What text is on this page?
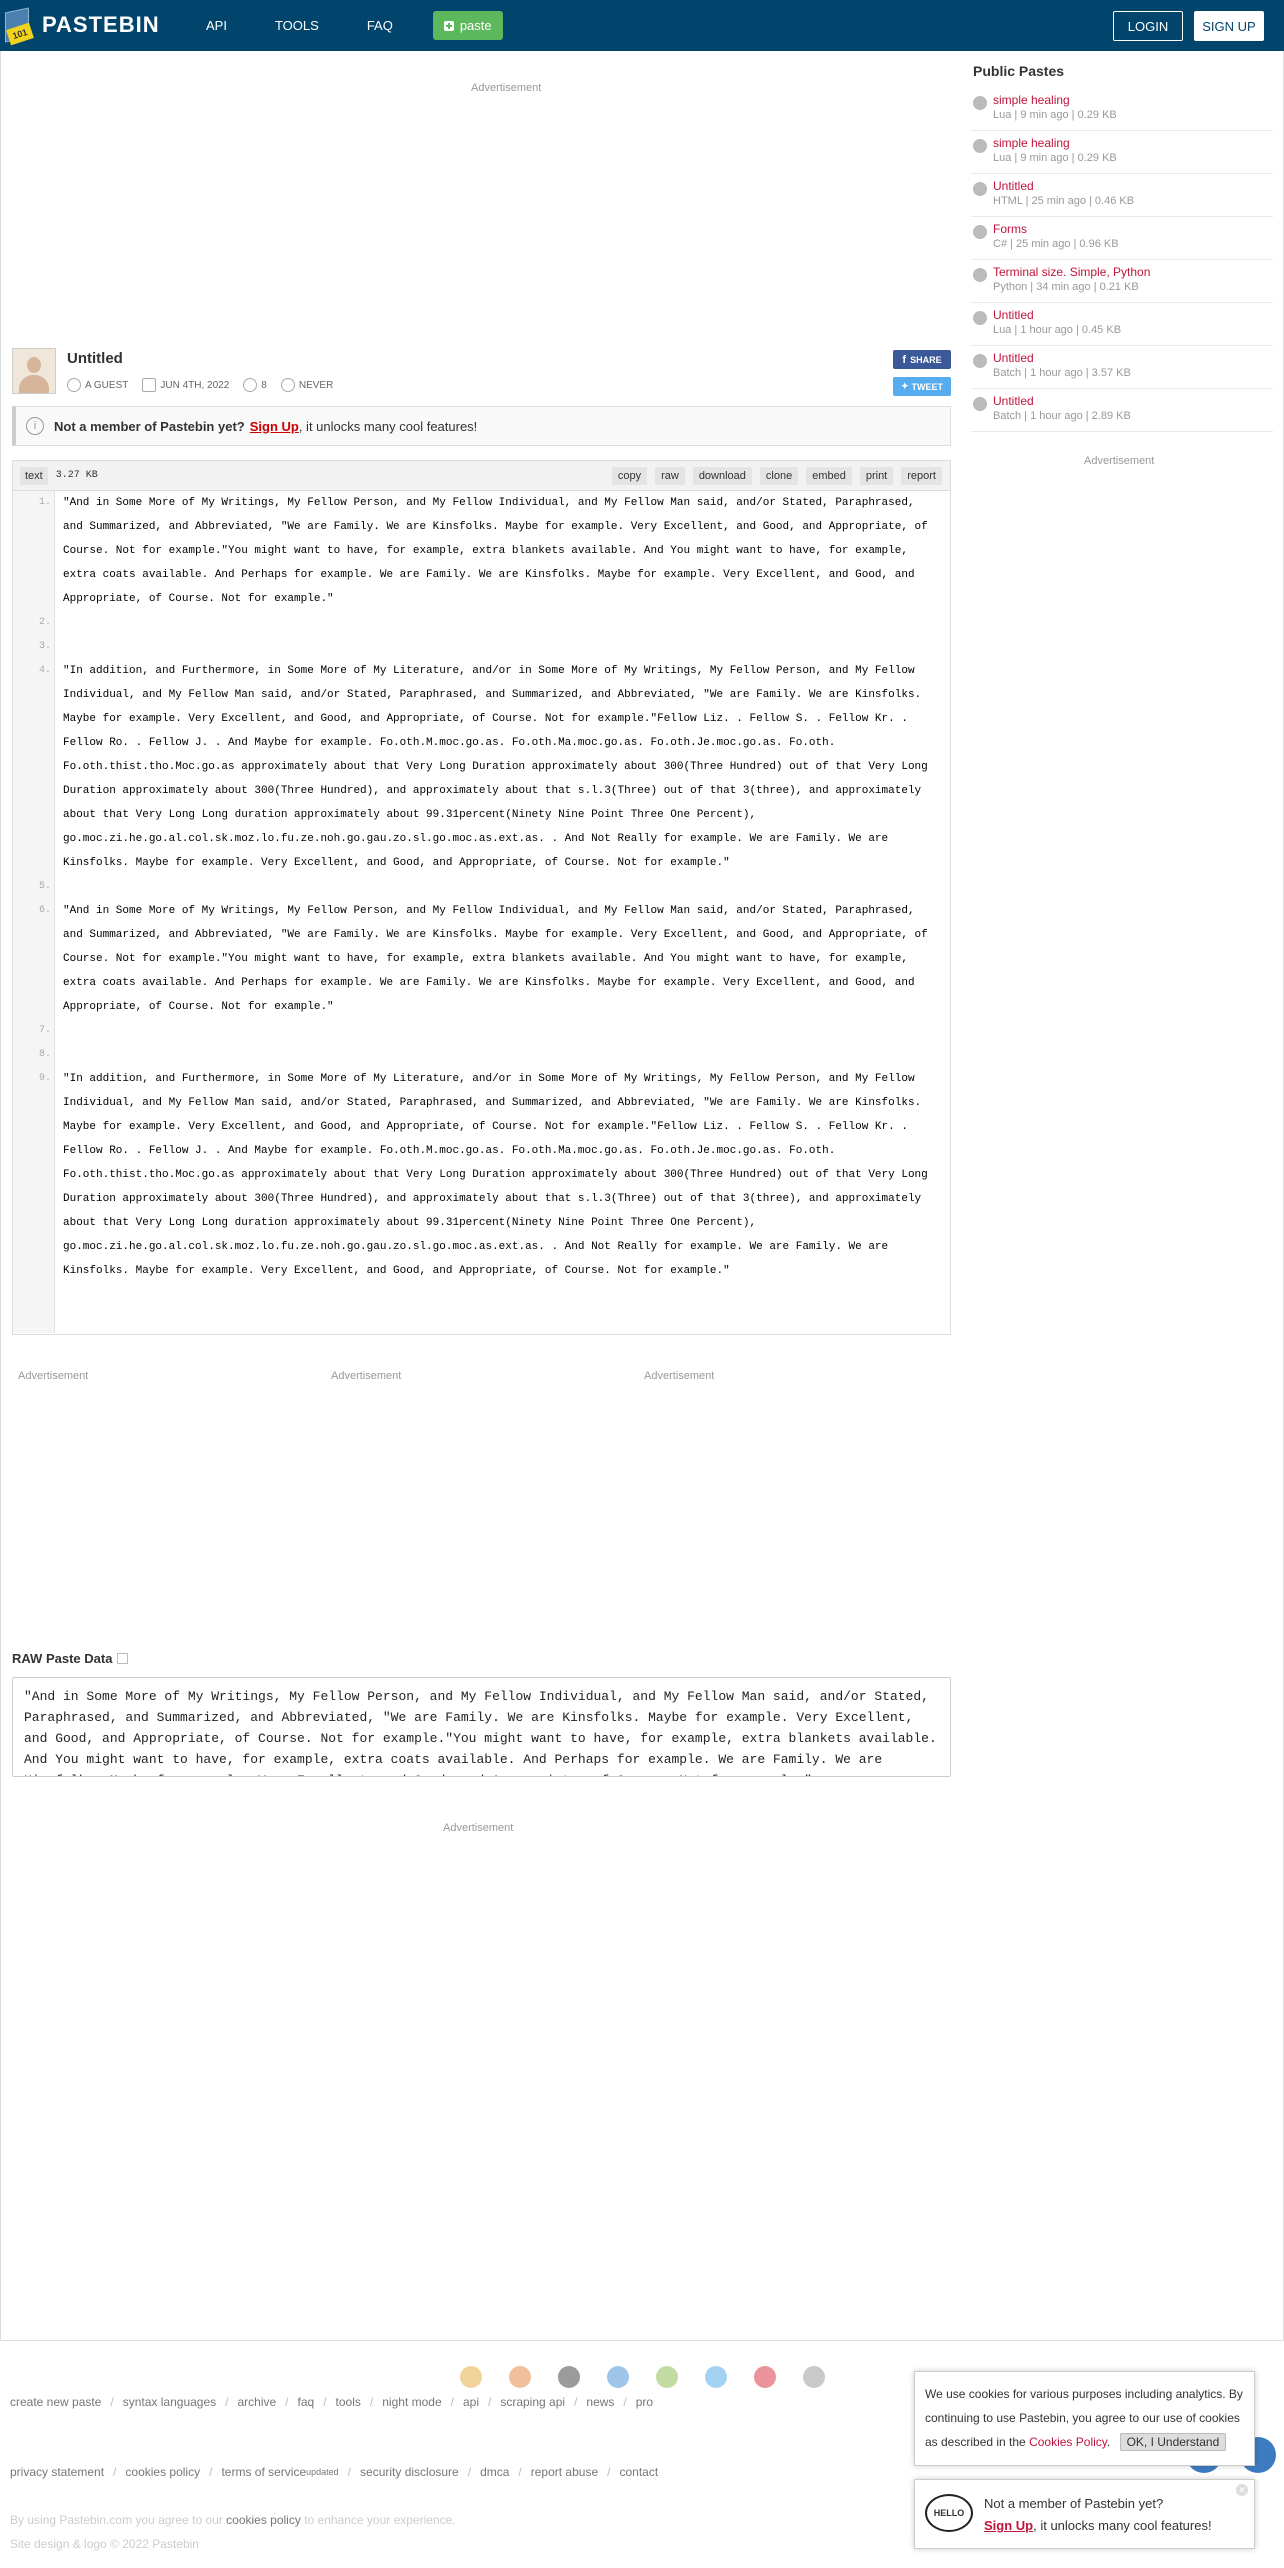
101 PASTEBIN	API	TOOLS	FAQ	paste	LOGIN	SIGN UP
Advertisement
Untitled
A GUEST	JUN 4TH, 2022	8	NEVER
f SHARE
✦ TWEET
i	Not a member of Pastebin yet? Sign Up , it unlocks many cool features!
text	3.27 KB	copy	raw	download	clone	embed	print	report
1.	"And in Some More of My Writings, My Fellow Person, and My Fellow Individual, and My Fellow Man said, and/or Stated, Paraphrased, and Summarized, and Abbreviated, "We are Family. We are Kinsfolks. Maybe for example. Very Excellent, and Good, and Appropriate, of Course. Not for example."You might want to have, for example, extra blankets available. And You might want to have, for example, extra coats available. And Perhaps for example. We are Family. We are Kinsfolks. Maybe for example. Very Excellent, and Good, and Appropriate, of Course. Not for example."
2.
3.
4.	"In addition, and Furthermore, in Some More of My Literature, and/or in Some More of My Writings, My Fellow Person, and My Fellow Individual, and My Fellow Man said, and/or Stated, Paraphrased, and Summarized, and Abbreviated, "We are Family. We are Kinsfolks. Maybe for example. Very Excellent, and Good, and Appropriate, of Course. Not for example."Fellow Liz. . Fellow S. . Fellow Kr. . Fellow Ro. . Fellow J. . And Maybe for example. Fo.oth.M.moc.go.as. Fo.oth.Ma.moc.go.as. Fo.oth.Je.moc.go.as. Fo.oth. Fo.oth.thist.tho.Moc.go.as approximately about that Very Long Duration approximately about 300(Three Hundred) out of that Very Long Duration approximately about 300(Three Hundred), and approximately about that s.l.3(Three) out of that 3(three), and approximately about that Very Long Long duration approximately about 99.31percent(Ninety Nine Point Three One Percent), go.moc.zi.he.go.al.col.sk.moz.lo.fu.ze.noh.go.gau.zo.sl.go.moc.as.ext.as. . And Not Really for example. We are Family. We are Kinsfolks. Maybe for example. Very Excellent, and Good, and Appropriate, of Course. Not for example."
5.
6.	"And in Some More of My Writings, My Fellow Person, and My Fellow Individual, and My Fellow Man said, and/or Stated, Paraphrased, and Summarized, and Abbreviated, "We are Family. We are Kinsfolks. Maybe for example. Very Excellent, and Good, and Appropriate, of Course. Not for example."You might want to have, for example, extra blankets available. And You might want to have, for example, extra coats available. And Perhaps for example. We are Family. We are Kinsfolks. Maybe for example. Very Excellent, and Good, and Appropriate, of Course. Not for example."
7.
8.
9.	"In addition, and Furthermore, in Some More of My Literature, and/or in Some More of My Writings, My Fellow Person, and My Fellow Individual, and My Fellow Man said, and/or Stated, Paraphrased, and Summarized, and Abbreviated, "We are Family. We are Kinsfolks. Maybe for example. Very Excellent, and Good, and Appropriate, of Course. Not for example."Fellow Liz. . Fellow S. . Fellow Kr. . Fellow Ro. . Fellow J. . And Maybe for example. Fo.oth.M.moc.go.as. Fo.oth.Ma.moc.go.as. Fo.oth.Je.moc.go.as. Fo.oth. Fo.oth.thist.tho.Moc.go.as approximately about that Very Long Duration approximately about 300(Three Hundred) out of that Very Long Duration approximately about 300(Three Hundred), and approximately about that s.l.3(Three) out of that 3(three), and approximately about that Very Long Long duration approximately about 99.31percent(Ninety Nine Point Three One Percent), go.moc.zi.he.go.al.col.sk.moz.lo.fu.ze.noh.go.gau.zo.sl.go.moc.as.ext.as. . And Not Really for example. We are Family. We are Kinsfolks. Maybe for example. Very Excellent, and Good, and Appropriate, of Course. Not for example."
Advertisement	Advertisement	Advertisement
RAW Paste Data
"And in Some More of My Writings, My Fellow Person, and My Fellow Individual, and My Fellow Man said, and/or Stated, Paraphrased, and Summarized, and Abbreviated, "We are Family. We are Kinsfolks. Maybe for example. Very Excellent, and Good, and Appropriate, of Course. Not for example."You might want to have, for example, extra blankets available. And You might want to have, for example, extra coats available. And Perhaps for example. We are Family. We are Kinsfolks. Maybe for example. Very Excellent, and Good, and Appropriate, of Course. Not for example."
Advertisement
Public Pastes
simple healing
Lua | 9 min ago | 0.29 KB
simple healing
Lua | 9 min ago | 0.29 KB
Untitled
HTML | 25 min ago | 0.46 KB
Forms
C# | 25 min ago | 0.96 KB
Terminal size. Simple, Python
Python | 34 min ago | 0.21 KB
Untitled
Lua | 1 hour ago | 0.45 KB
Untitled
Batch | 1 hour ago | 3.57 KB
Untitled
Batch | 1 hour ago | 2.89 KB
Advertisement
create new paste / syntax languages / archive / faq / tools / night mode / api / scraping api / news / pro
privacy statement / cookies policy / terms of service updated / security disclosure / dmca / report abuse / contact
By using Pastebin.com you agree to our cookies policy to enhance your experience.
Site design & logo © 2022 Pastebin
We use cookies for various purposes including analytics. By continuing to use Pastebin, you agree to our use of cookies as described in the Cookies Policy. OK, I Understand
HELLO
Not a member of Pastebin yet?
Sign Up, it unlocks many cool features!
✕
